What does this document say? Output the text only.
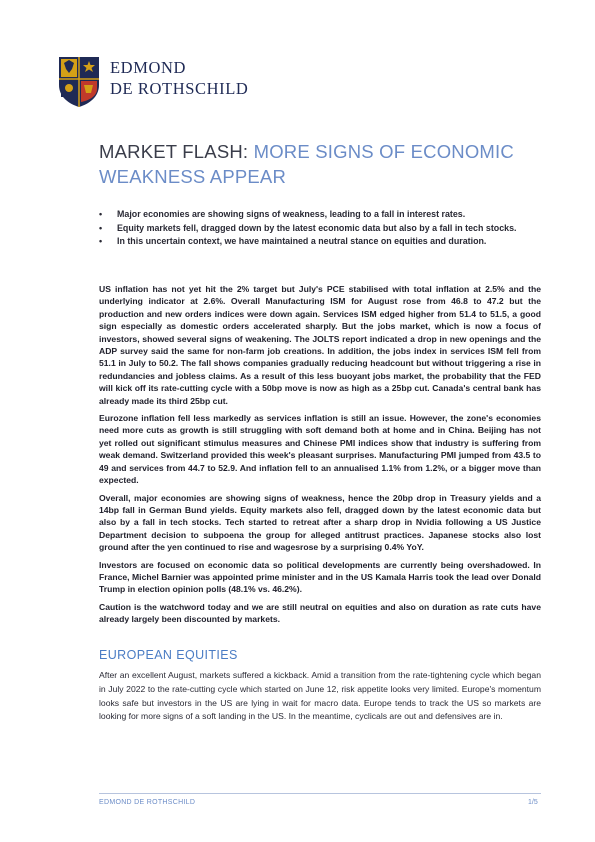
EDMOND
DE ROTHSCHILD
MARKET FLASH: MORE SIGNS OF ECONOMIC WEAKNESS APPEAR
• Major economies are showing signs of weakness, leading to a fall in interest rates.
• Equity markets fell, dragged down by the latest economic data but also by a fall in tech stocks.
• In this uncertain context, we have maintained a neutral stance on equities and duration.

US inflation has not yet hit the 2% target but July's PCE stabilised with total inflation at 2.5% and the underlying indicator at 2.6%. Overall Manufacturing ISM for August rose from 46.8 to 47.2 but the production and new orders indices were down again. Services ISM edged higher from 51.4 to 51.5, a good sign especially as domestic orders accelerated sharply. But the jobs market, which is now a focus of investors, showed several signs of weakening. The JOLTS report indicated a drop in new openings and the ADP survey said the same for non-farm job creations. In addition, the jobs index in services ISM fell from 51.1 in July to 50.2. The fall shows companies gradually reducing headcount but without triggering a rise in redundancies and jobless claims. As a result of this less buoyant jobs market, the probability that the FED will kick off its rate-cutting cycle with a 50bp move is now as high as a 25bp cut. Canada's central bank has already made its third 25bp cut.

Eurozone inflation fell less markedly as services inflation is still an issue. However, the zone's economies need more cuts as growth is still struggling with soft demand both at home and in China. Beijing has not yet rolled out significant stimulus measures and Chinese PMI indices show that industry is suffering from weak demand. Switzerland provided this week's pleasant surprises. Manufacturing PMI jumped from 43.5 to 49 and services from 44.7 to 52.9. And inflation fell to an annualised 1.1% from 1.2%, or a bigger move than expected.

Overall, major economies are showing signs of weakness, hence the 20bp drop in Treasury yields and a 14bp fall in German Bund yields. Equity markets also fell, dragged down by the latest economic data but also by a fall in tech stocks. Tech started to retreat after a sharp drop in Nvidia following a US Justice Department decision to subpoena the group for alleged antitrust practices. Japanese stocks also lost ground after the yen continued to rise and wagesrose by a surprising 0.4% YoY.

Investors are focused on economic data so political developments are currently being overshadowed. In France, Michel Barnier was appointed prime minister and in the US Kamala Harris took the lead over Donald Trump in election opinion polls (48.1% vs. 46.2%).

Caution is the watchword today and we are still neutral on equities and also on duration as rate cuts have already largely been discounted by markets.

EUROPEAN EQUITIES

After an excellent August, markets suffered a kickback. Amid a transition from the rate-tightening cycle which began in July 2022 to the rate-cutting cycle which started on June 12, risk appetite looks very limited. Europe's momentum looks safe but investors in the US are lying in wait for macro data. Europe tends to track the US so markets are looking for more signs of a soft landing in the US. In the meantime, cyclicals are out and defensives are in.

EDMOND DE ROTHSCHILD	1/5
